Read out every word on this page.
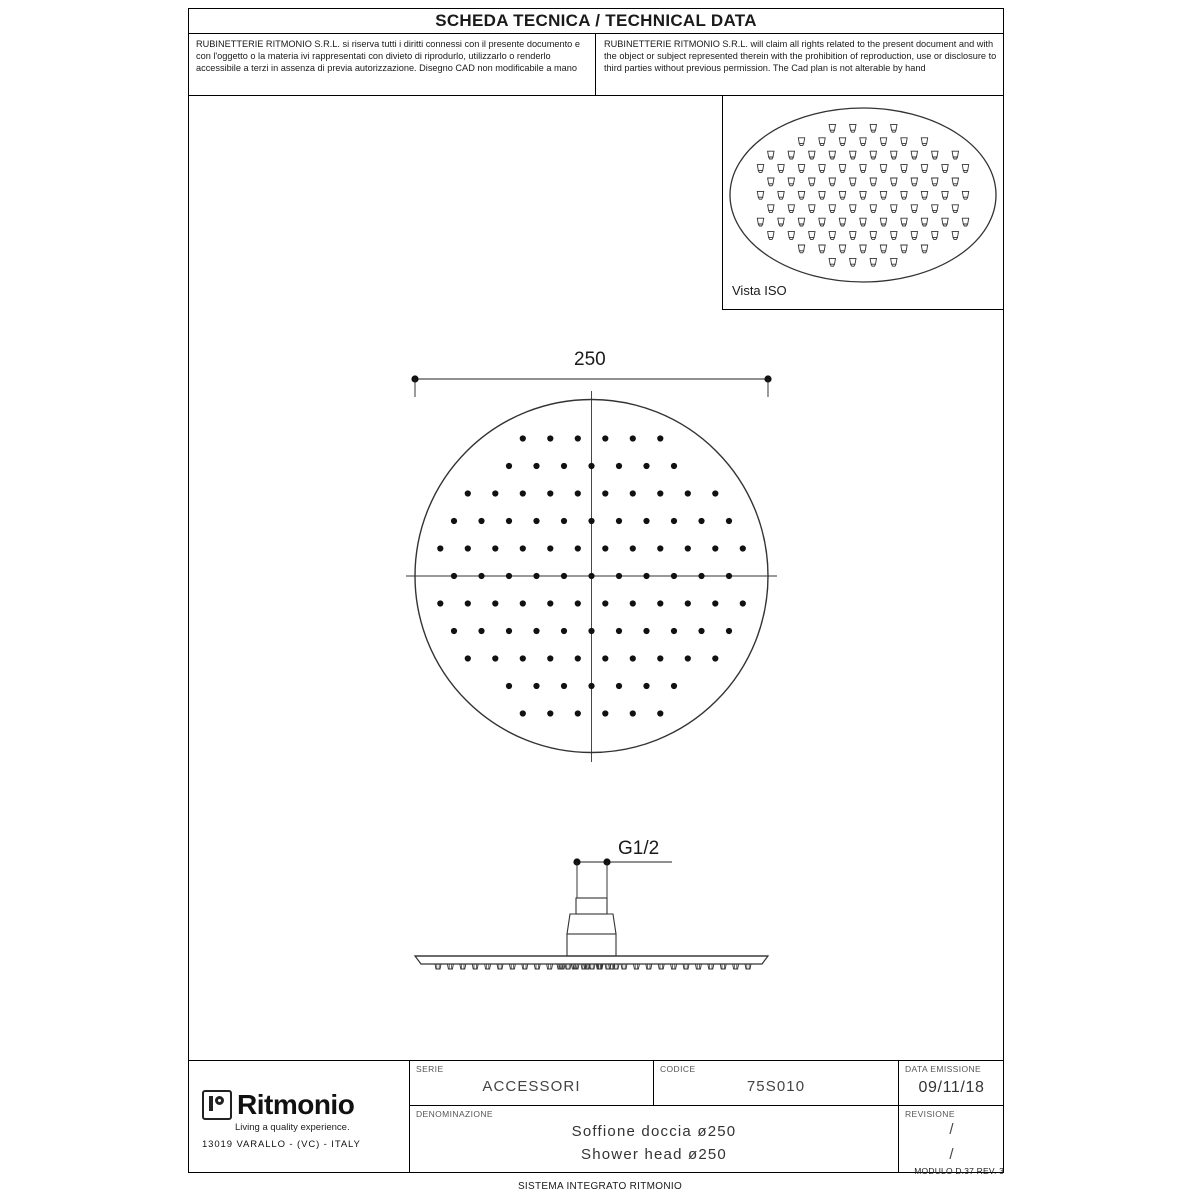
SCHEDA TECNICA / TECHNICAL DATA
RUBINETTERIE RITMONIO S.R.L. si riserva tutti i diritti connessi con il presente documento e con l'oggetto o la materia ivi rappresentati con divieto di riprodurlo, utilizzarlo o renderlo accessibile a terzi in assenza di previa autorizzazione. Disegno CAD non modificabile a mano
RUBINETTERIE RITMONIO S.R.L. will claim all rights related to the present document and with the object or subject represented therein with the prohibition of reproduction, use or disclosure to third parties without previous permission. The Cad plan is not alterable by hand
Vista ISO
250
G1/2
Ritmonio
Living a quality experience.
13019 VARALLO - (VC) - ITALY
SERIE
ACCESSORI
CODICE
75S010
DATA EMISSIONE
09/11/18
DENOMINAZIONE
Soffione doccia ø250
Shower head ø250
REVISIONE
/
/
MODULO D.37 REV. 3
SISTEMA INTEGRATO RITMONIO
